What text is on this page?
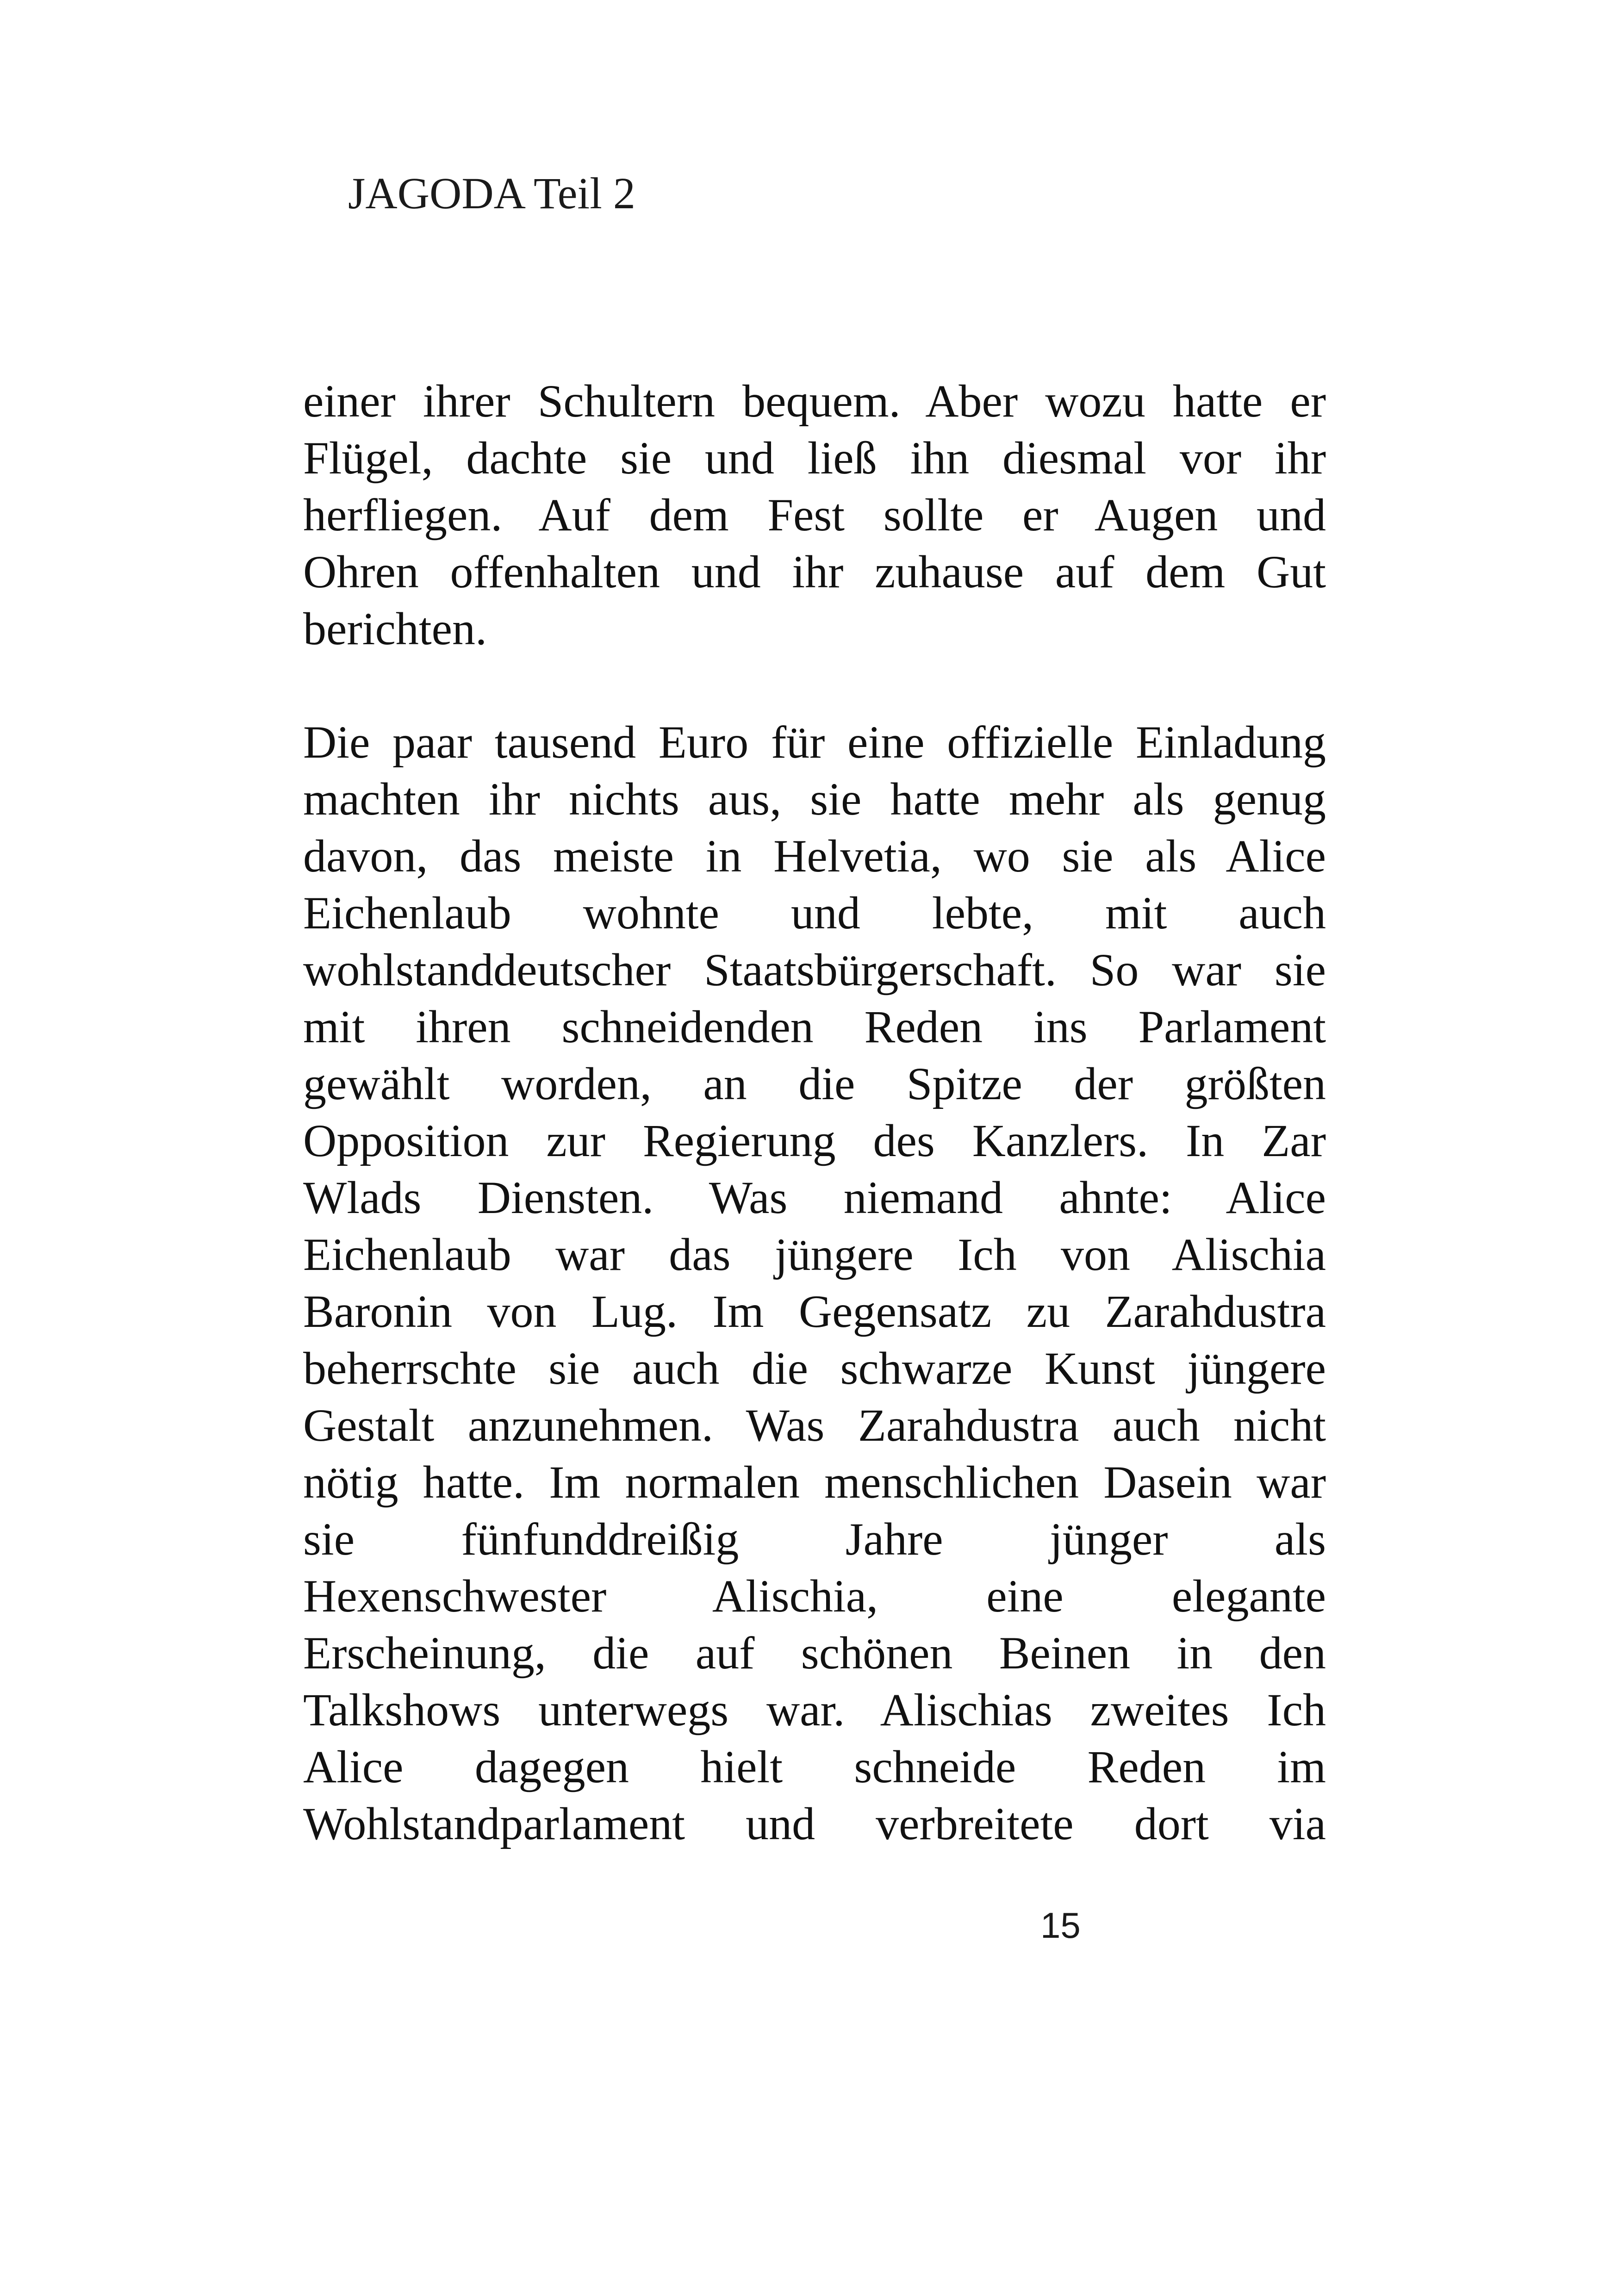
JAGODA Teil 2

einer ihrer Schultern bequem. Aber wozu hatte er
Flügel, dachte sie und ließ ihn diesmal vor ihr
herfliegen. Auf dem Fest sollte er Augen und
Ohren offenhalten und ihr zuhause auf dem Gut
berichten.

Die paar tausend Euro für eine offizielle Einladung
machten ihr nichts aus, sie hatte mehr als genug
davon, das meiste in Helvetia, wo sie als Alice
Eichenlaub wohnte und lebte, mit auch
wohlstanddeutscher Staatsbürgerschaft. So war sie
mit ihren schneidenden Reden ins Parlament
gewählt worden, an die Spitze der größten
Opposition zur Regierung des Kanzlers. In Zar
Wlads Diensten. Was niemand ahnte: Alice
Eichenlaub war das jüngere Ich von Alischia
Baronin von Lug. Im Gegensatz zu Zarahdustra
beherrschte sie auch die schwarze Kunst jüngere
Gestalt anzunehmen. Was Zarahdustra auch nicht
nötig hatte. Im normalen menschlichen Dasein war
sie fünfunddreißig Jahre jünger als
Hexenschwester Alischia, eine elegante
Erscheinung, die auf schönen Beinen in den
Talkshows unterwegs war. Alischias zweites Ich
Alice dagegen hielt schneide Reden im
Wohlstandparlament und verbreitete dort via

15
